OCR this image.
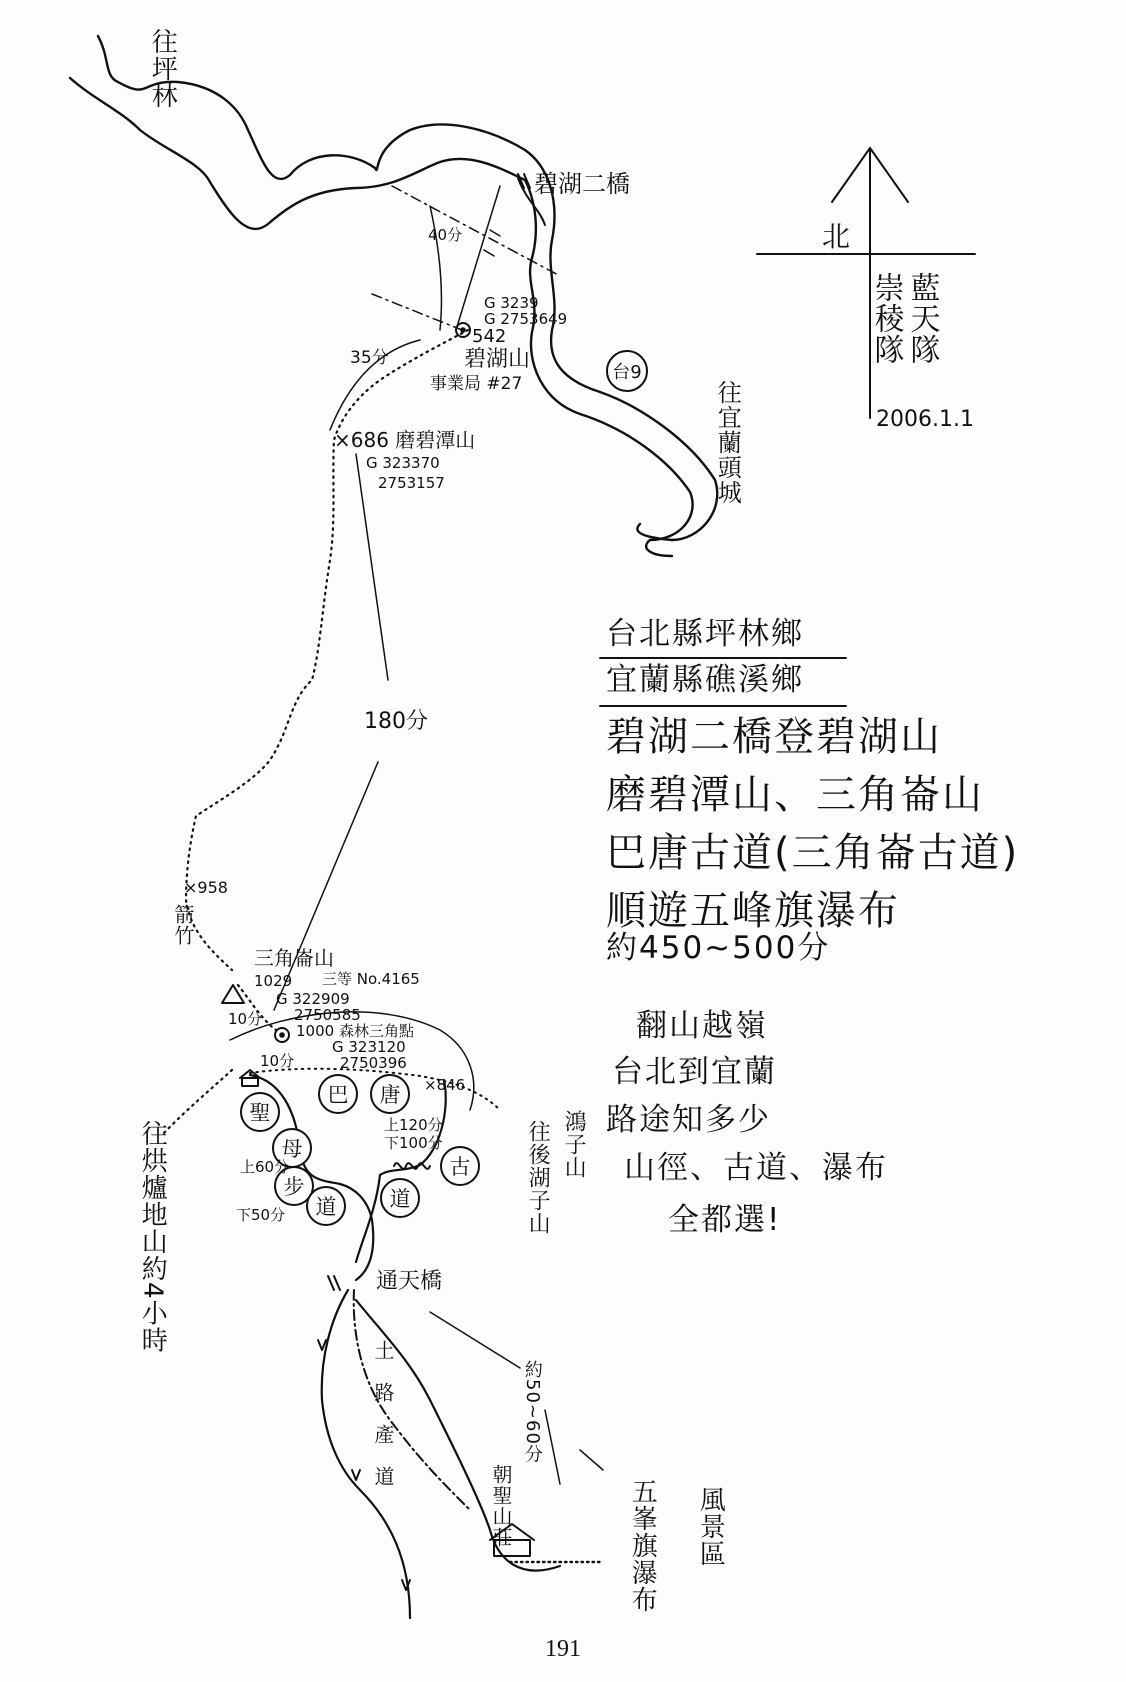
北
藍天隊
崇稜隊
2006.1.1
往坪林
碧湖二橋
40分
G 3239
G 2753649
542
碧湖山
事業局 #27
35分
台9
往宜蘭頭城
×686 磨碧潭山
G 323370
2753157
180分
×958
箭竹
三角崙山
1029 三等 No.4165
G 322909
2750585
10分
1000 森林三角點
G 323120
2750396
10分
×846
巴	唐
古
道
上120分
下100分
聖
母
步
道
上60分
下50分	往後湖子山 鴻子山
往烘爐地山約4小時	通天橋
土路產道	約50~60分
朝聖山莊	五峯旗瀑布 風景區
台北縣坪林鄉
宜蘭縣礁溪鄉
碧湖二橋登碧湖山
磨碧潭山、三角崙山
巴唐古道(三角崙古道)
順遊五峰旗瀑布
約450~500分
翻山越嶺
台北到宜蘭
路途知多少
山徑、古道、瀑布
全都選!
191
